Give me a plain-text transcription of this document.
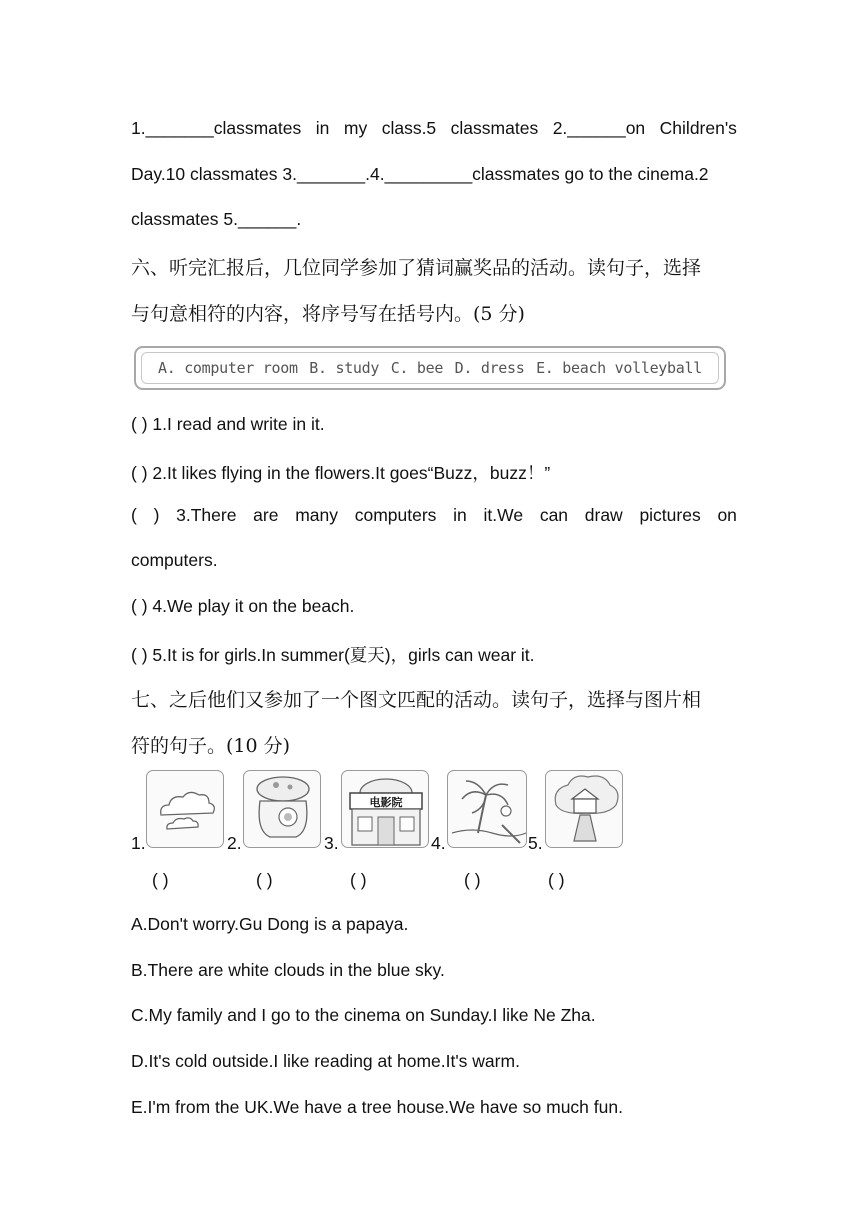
1._______classmates in my class.5 classmates 2.______on Children's
Day.10 classmates 3._______.4._________classmates go to the cinema.2
classmates 5.______.
六、听完汇报后，几位同学参加了猜词赢奖品的活动。读句子，选择
与句意相符的内容，将序号写在括号内。(5 分)
A. computer room B. study C. bee D. dress E. beach volleyball
( ) 1.I read and write in it.
( ) 2.It likes flying in the flowers.It goes“Buzz，buzz！”
( ) 3.There are many computers in it.We can draw pictures on
computers.
( ) 4.We play it on the beach.
( ) 5.It is for girls.In summer(夏天)，girls can wear it.
七、之后他们又参加了一个图文匹配的活动。读句子，选择与图片相
符的句子。(10 分)
1.	2.	3.	4.	5.
电影院
( )	( )	( )	( )	( )
A.Don't worry.Gu Dong is a papaya.
B.There are white clouds in the blue sky.
C.My family and I go to the cinema on Sunday.I like Ne Zha.
D.It's cold outside.I like reading at home.It's warm.
E.I'm from the UK.We have a tree house.We have so much fun.
